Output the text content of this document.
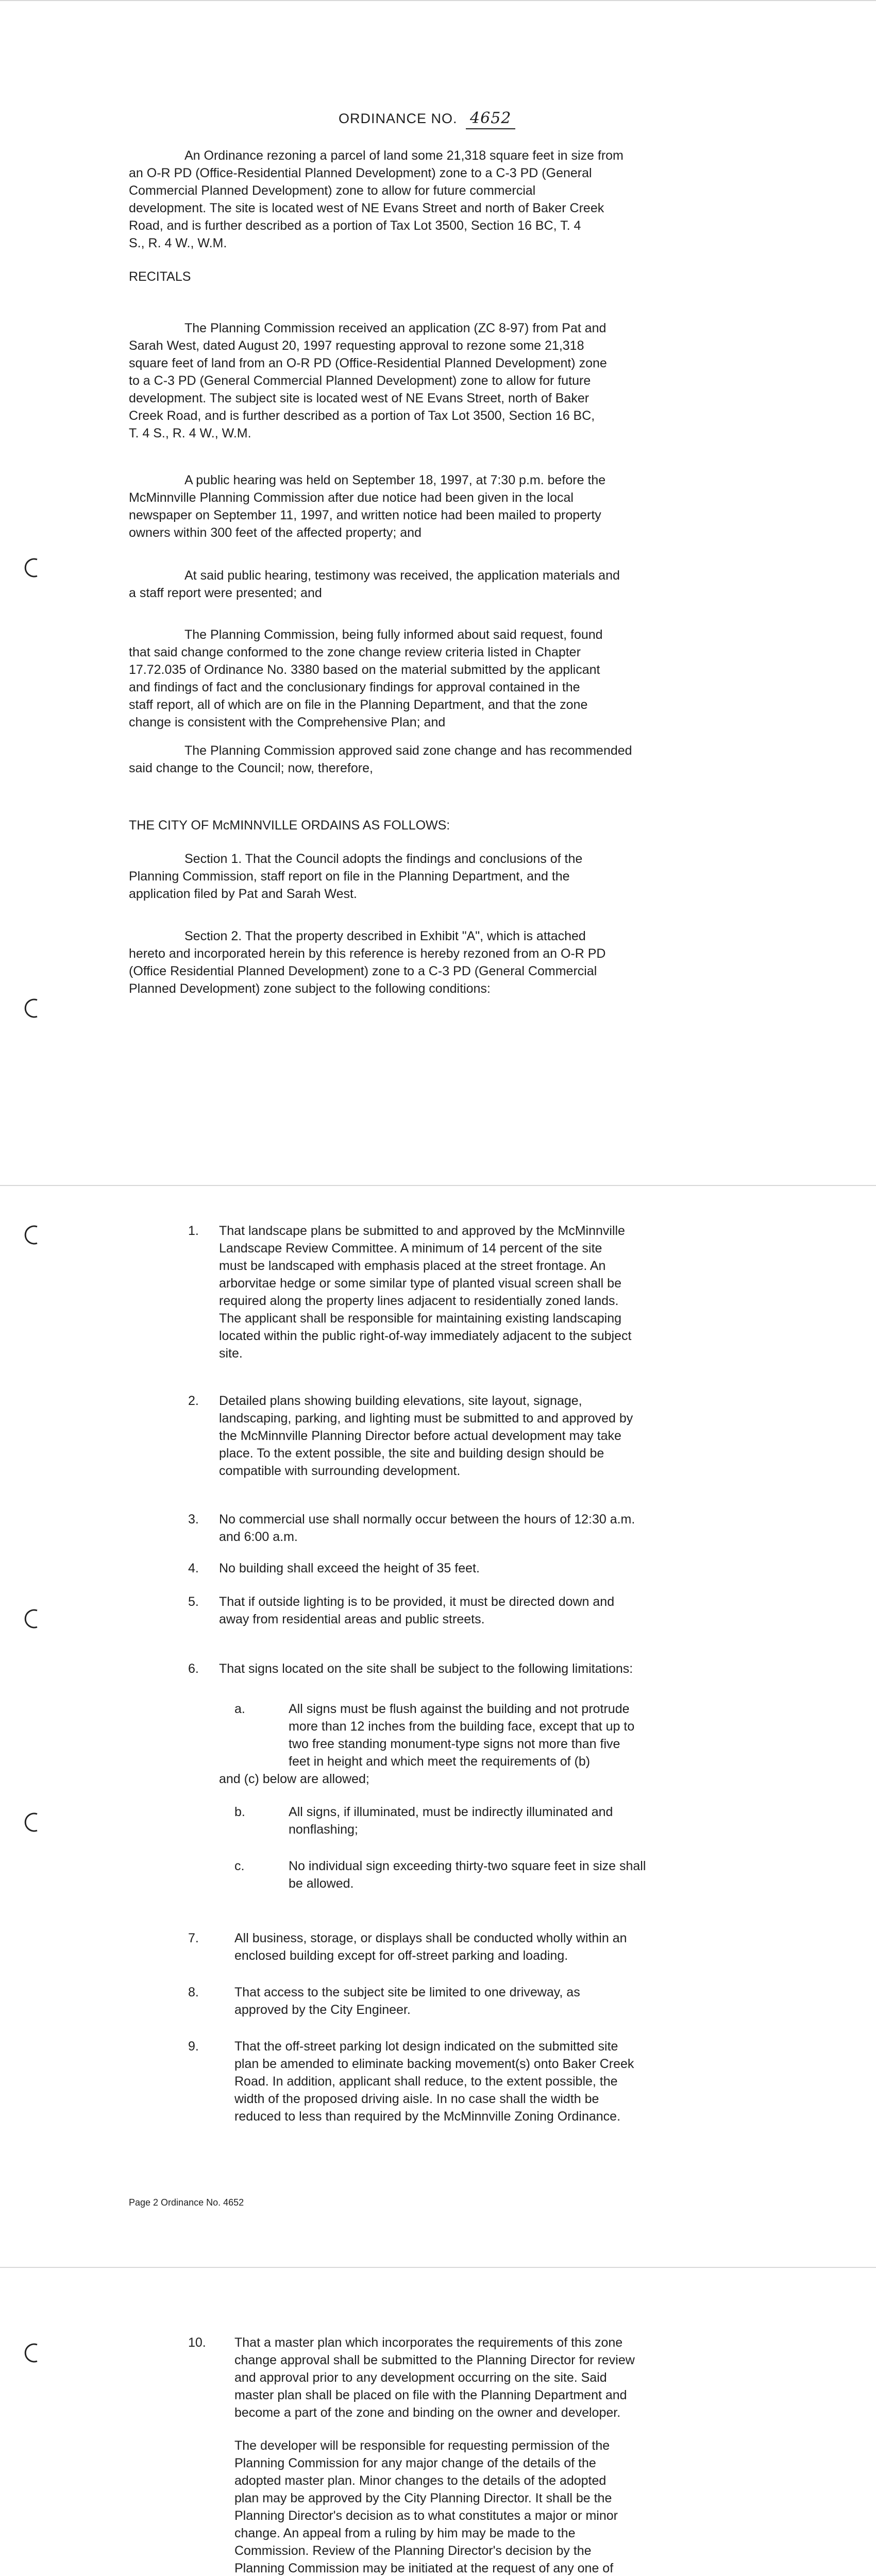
ORDINANCE NO. 4652
An Ordinance rezoning a parcel of land some 21,318 square feet in size from
an O-R PD (Office-Residential Planned Development) zone to a C-3 PD (General
Commercial Planned Development) zone to allow for future commercial
development. The site is located west of NE Evans Street and north of Baker Creek
Road, and is further described as a portion of Tax Lot 3500, Section 16 BC, T. 4
S., R. 4 W., W.M.
RECITALS
The Planning Commission received an application (ZC 8-97) from Pat and
Sarah West, dated August 20, 1997 requesting approval to rezone some 21,318
square feet of land from an O-R PD (Office-Residential Planned Development) zone
to a C-3 PD (General Commercial Planned Development) zone to allow for future
development. The subject site is located west of NE Evans Street, north of Baker
Creek Road, and is further described as a portion of Tax Lot 3500, Section 16 BC,
T. 4 S., R. 4 W., W.M.
A public hearing was held on September 18, 1997, at 7:30 p.m. before the
McMinnville Planning Commission after due notice had been given in the local
newspaper on September 11, 1997, and written notice had been mailed to property
owners within 300 feet of the affected property; and
At said public hearing, testimony was received, the application materials and
a staff report were presented; and
The Planning Commission, being fully informed about said request, found
that said change conformed to the zone change review criteria listed in Chapter
17.72.035 of Ordinance No. 3380 based on the material submitted by the applicant
and findings of fact and the conclusionary findings for approval contained in the
staff report, all of which are on file in the Planning Department, and that the zone
change is consistent with the Comprehensive Plan; and
The Planning Commission approved said zone change and has recommended
said change to the Council; now, therefore,
THE CITY OF McMINNVILLE ORDAINS AS FOLLOWS:
Section 1. That the Council adopts the findings and conclusions of the
Planning Commission, staff report on file in the Planning Department, and the
application filed by Pat and Sarah West.
Section 2. That the property described in Exhibit "A", which is attached
hereto and incorporated herein by this reference is hereby rezoned from an O-R PD
(Office Residential Planned Development) zone to a C-3 PD (General Commercial
Planned Development) zone subject to the following conditions:
1. That landscape plans be submitted to and approved by the McMinnville
Landscape Review Committee. A minimum of 14 percent of the site
must be landscaped with emphasis placed at the street frontage. An
arborvitae hedge or some similar type of planted visual screen shall be
required along the property lines adjacent to residentially zoned lands.
The applicant shall be responsible for maintaining existing landscaping
located within the public right-of-way immediately adjacent to the subject
site.
2. Detailed plans showing building elevations, site layout, signage,
landscaping, parking, and lighting must be submitted to and approved by
the McMinnville Planning Director before actual development may take
place. To the extent possible, the site and building design should be
compatible with surrounding development.
3. No commercial use shall normally occur between the hours of 12:30 a.m.
and 6:00 a.m.
4. No building shall exceed the height of 35 feet.
5. That if outside lighting is to be provided, it must be directed down and
away from residential areas and public streets.
6. That signs located on the site shall be subject to the following limitations:
a.	All signs must be flush against the building and not protrude
more than 12 inches from the building face, except that up to
two free standing monument-type signs not more than five
feet in height and which meet the requirements of (b)
and (c) below are allowed;
b.	All signs, if illuminated, must be indirectly illuminated and
nonflashing;
c.	No individual sign exceeding thirty-two square feet in size shall
be allowed.
7.	All business, storage, or displays shall be conducted wholly within an
enclosed building except for off-street parking and loading.
8.	That access to the subject site be limited to one driveway, as
approved by the City Engineer.
9.	That the off-street parking lot design indicated on the submitted site
plan be amended to eliminate backing movement(s) onto Baker Creek
Road. In addition, applicant shall reduce, to the extent possible, the
width of the proposed driving aisle. In no case shall the width be
reduced to less than required by the McMinnville Zoning Ordinance.
Page 2 Ordinance No. 4652
10. That a master plan which incorporates the requirements of this zone
change approval shall be submitted to the Planning Director for review
and approval prior to any development occurring on the site. Said
master plan shall be placed on file with the Planning Department and
become a part of the zone and binding on the owner and developer.
The developer will be responsible for requesting permission of the
Planning Commission for any major change of the details of the
adopted master plan. Minor changes to the details of the adopted
plan may be approved by the City Planning Director. It shall be the
Planning Director's decision as to what constitutes a major or minor
change. An appeal from a ruling by him may be made to the
Commission. Review of the Planning Director's decision by the
Planning Commission may be initiated at the request of any one of
